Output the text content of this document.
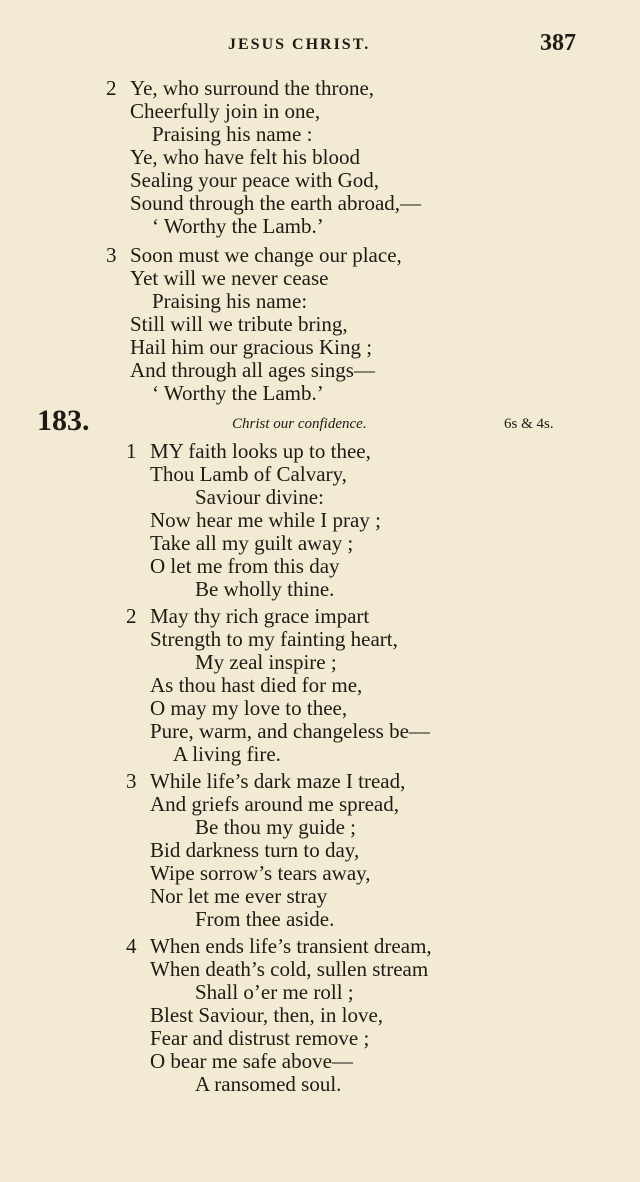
JESUS CHRIST.	387
2 Ye, who surround the throne,
Cheerfully join in one,
Praising his name :
Ye, who have felt his blood
Sealing your peace with God,
Sound through the earth abroad,—
‘ Worthy the Lamb.’
3 Soon must we change our place,
Yet will we never cease
Praising his name:
Still will we tribute bring,
Hail him our gracious King ;
And through all ages sings—
‘ Worthy the Lamb.’
183.	Christ our confidence.	6s & 4s.
1 MY faith looks up to thee,
Thou Lamb of Calvary,
Saviour divine:
Now hear me while I pray ;
Take all my guilt away ;
O let me from this day
Be wholly thine.
2 May thy rich grace impart
Strength to my fainting heart,
My zeal inspire ;
As thou hast died for me,
O may my love to thee,
Pure, warm, and changeless be—
A living fire.
3 While life’s dark maze I tread,
And griefs around me spread,
Be thou my guide ;
Bid darkness turn to day,
Wipe sorrow’s tears away,
Nor let me ever stray
From thee aside.
4 When ends life’s transient dream,
When death’s cold, sullen stream
Shall o’er me roll ;
Blest Saviour, then, in love,
Fear and distrust remove ;
O bear me safe above—
A ransomed soul.
